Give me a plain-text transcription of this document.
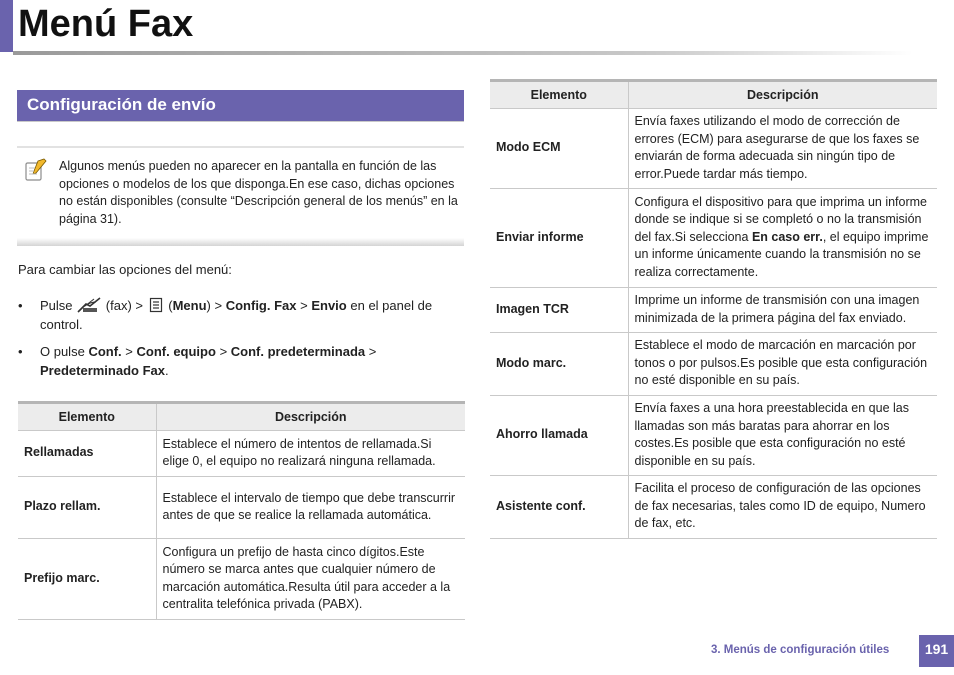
Menú Fax
Configuración de envío

Algunos menús pueden no aparecer en la pantalla en función de las opciones o modelos de los que disponga.En ese caso, dichas opciones no están disponibles (consulte “Descripción general de los menús” en la página 31).

Para cambiar las opciones del menú:

• Pulse	(fax) > (Menu) > Config. Fax > Envio en el panel de control.
• O pulse Conf. > Conf. equipo > Conf. predeterminada > Predeterminado Fax.
Elemento	Descripción
Rellamadas	Establece el número de intentos de rellamada.Si elige 0, el equipo no realizará ninguna rellamada.
Plazo rellam.	Establece el intervalo de tiempo que debe transcurrir antes de que se realice la rellamada automática.
Prefijo marc.	Configura un prefijo de hasta cinco dígitos.Este número se marca antes que cualquier número de marcación automática.Resulta útil para acceder a la centralita telefónica privada (PABX).
Elemento	Descripción
Modo ECM	Envía faxes utilizando el modo de corrección de errores (ECM) para asegurarse de que los faxes se enviarán de forma adecuada sin ningún tipo de error.Puede tardar más tiempo.
Enviar informe	Configura el dispositivo para que imprima un informe donde se indique si se completó o no la transmisión del fax.Si selecciona En caso err., el equipo imprime un informe únicamente cuando la transmisión no se realiza correctamente.
Imagen TCR	Imprime un informe de transmisión con una imagen minimizada de la primera página del fax enviado.
Modo marc.	Establece el modo de marcación en marcación por tonos o por pulsos.Es posible que esta configuración no esté disponible en su país.
Ahorro llamada	Envía faxes a una hora preestablecida en que las llamadas son más baratas para ahorrar en los costes.Es posible que esta configuración no esté disponible en su país.
Asistente conf.	Facilita el proceso de configuración de las opciones de fax necesarias, tales como ID de equipo, Numero de fax, etc.
3. Menús de configuración útiles	191
